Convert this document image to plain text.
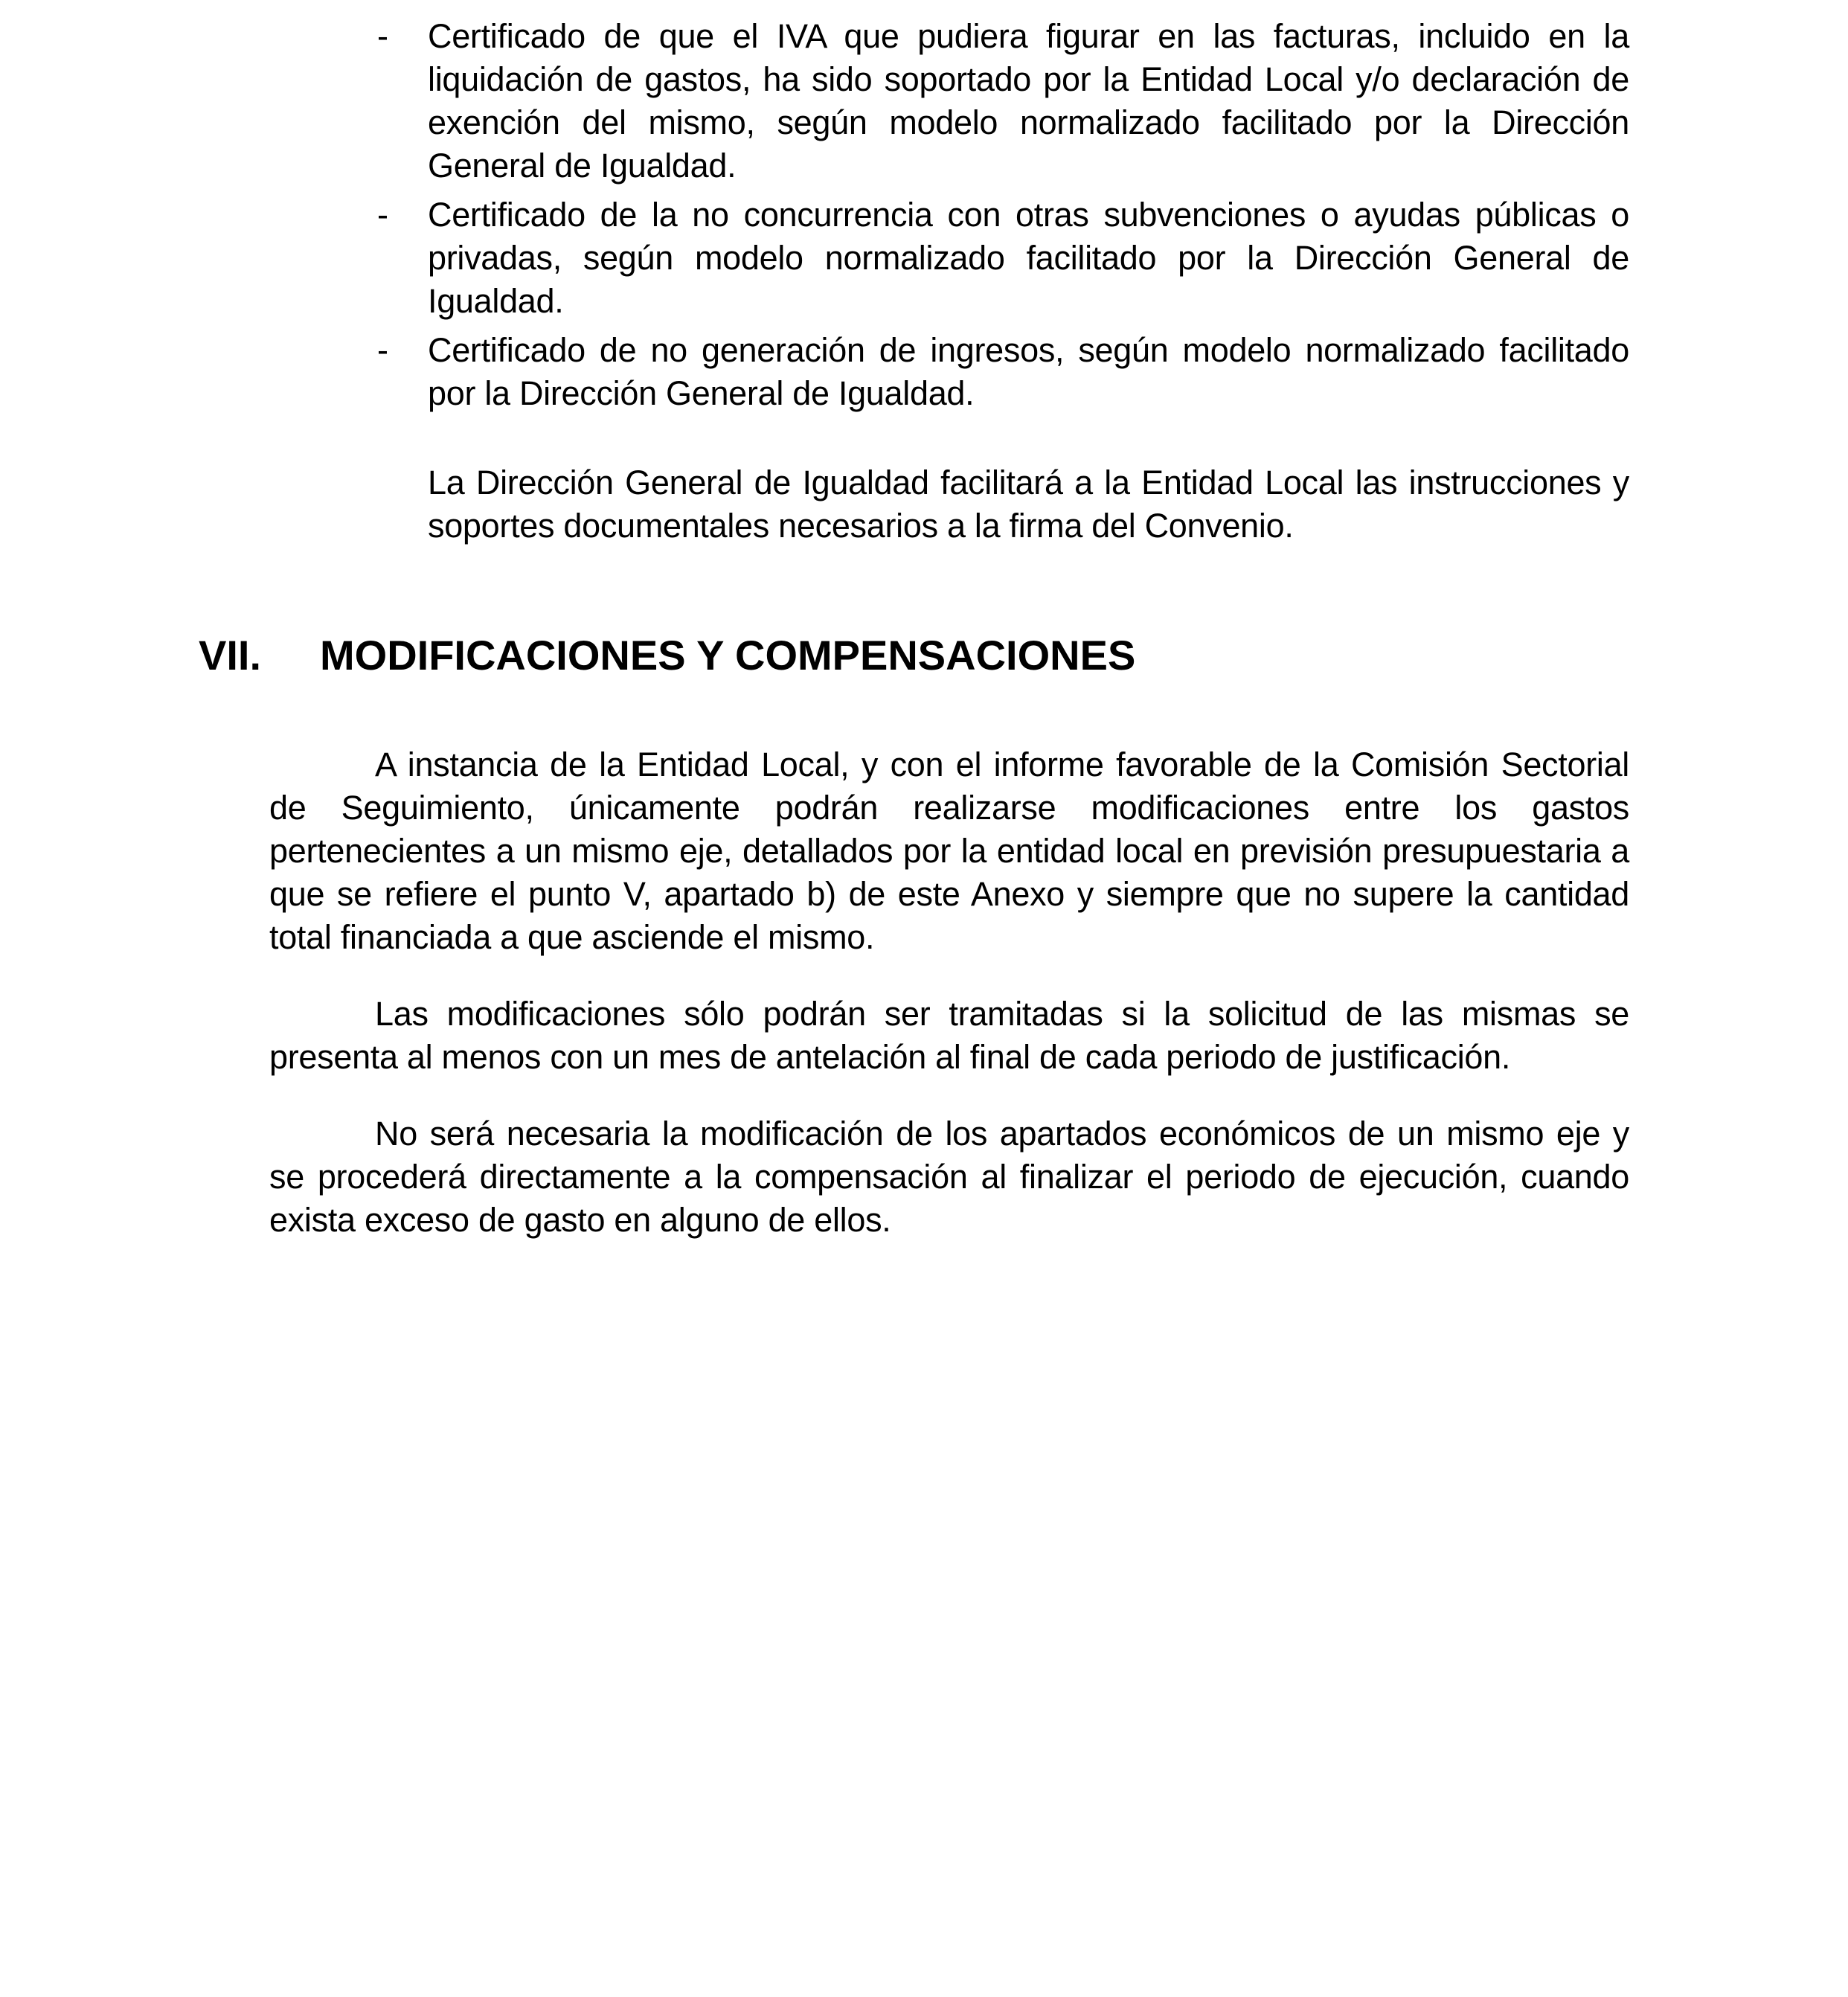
- Certificado de que el IVA que pudiera figurar en las facturas, incluido en la liquidación de gastos, ha sido soportado por la Entidad Local y/o declaración de exención del mismo, según modelo normalizado facilitado por la Dirección General de Igualdad.
- Certificado de la no concurrencia con otras subvenciones o ayudas públicas o privadas, según modelo normalizado facilitado por la Dirección General de Igualdad.
- Certificado de no generación de ingresos, según modelo normalizado facilitado por la Dirección General de Igualdad.

La Dirección General de Igualdad facilitará a la Entidad Local las instrucciones y soportes documentales necesarios a la firma del Convenio.

VII. MODIFICACIONES Y COMPENSACIONES

A instancia de la Entidad Local, y con el informe favorable de la Comisión Sectorial de Seguimiento, únicamente podrán realizarse modificaciones entre los gastos pertenecientes a un mismo eje, detallados por la entidad local en previsión presupuestaria a que se refiere el punto V, apartado b) de este Anexo y siempre que no supere la cantidad total financiada a que asciende el mismo.

Las modificaciones sólo podrán ser tramitadas si la solicitud de las mismas se presenta al menos con un mes de antelación al final de cada periodo de justificación.

No será necesaria la modificación de los apartados económicos de un mismo eje y se procederá directamente a la compensación al finalizar el periodo de ejecución, cuando exista exceso de gasto en alguno de ellos.
